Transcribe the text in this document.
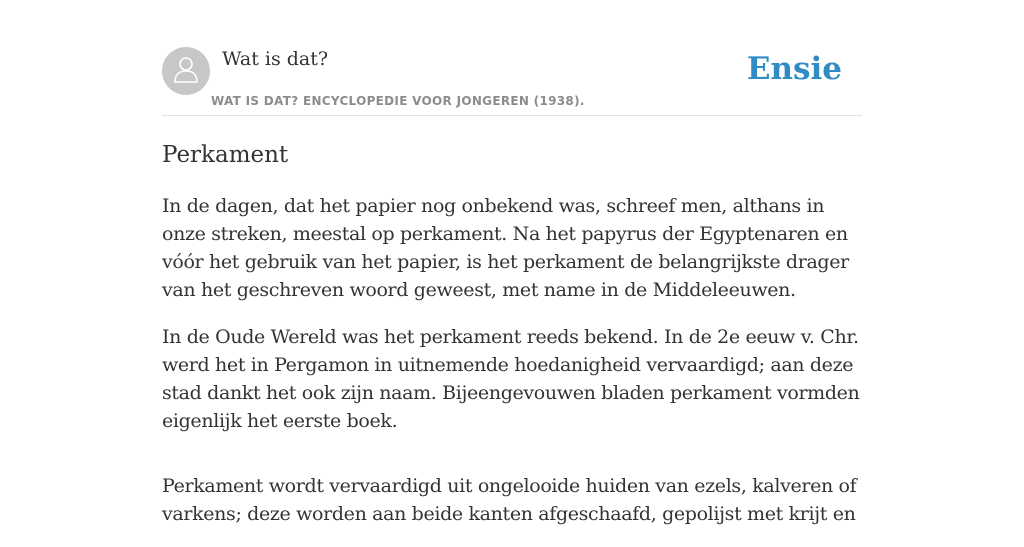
Wat is dat?
WAT IS DAT? ENCYCLOPEDIE VOOR JONGEREN (1938).
Ensie
Perkament

In de dagen, dat het papier nog onbekend was, schreef men, althans in onze streken, meestal op perkament. Na het papyrus der Egyptenaren en vóór het gebruik van het papier, is het perkament de belangrijkste drager van het geschreven woord geweest, met name in de Middeleeuwen.

In de Oude Wereld was het perkament reeds bekend. In de 2e eeuw v. Chr. werd het in Pergamon in uitnemende hoedanigheid vervaardigd; aan deze stad dankt het ook zijn naam. Bijeengevouwen bladen perkament vormden eigenlijk het eerste boek.

Perkament wordt vervaardigd uit ongelooide huiden van ezels, kalveren of varkens; deze worden aan beide kanten afgeschaafd, gepolijst met krijt en
